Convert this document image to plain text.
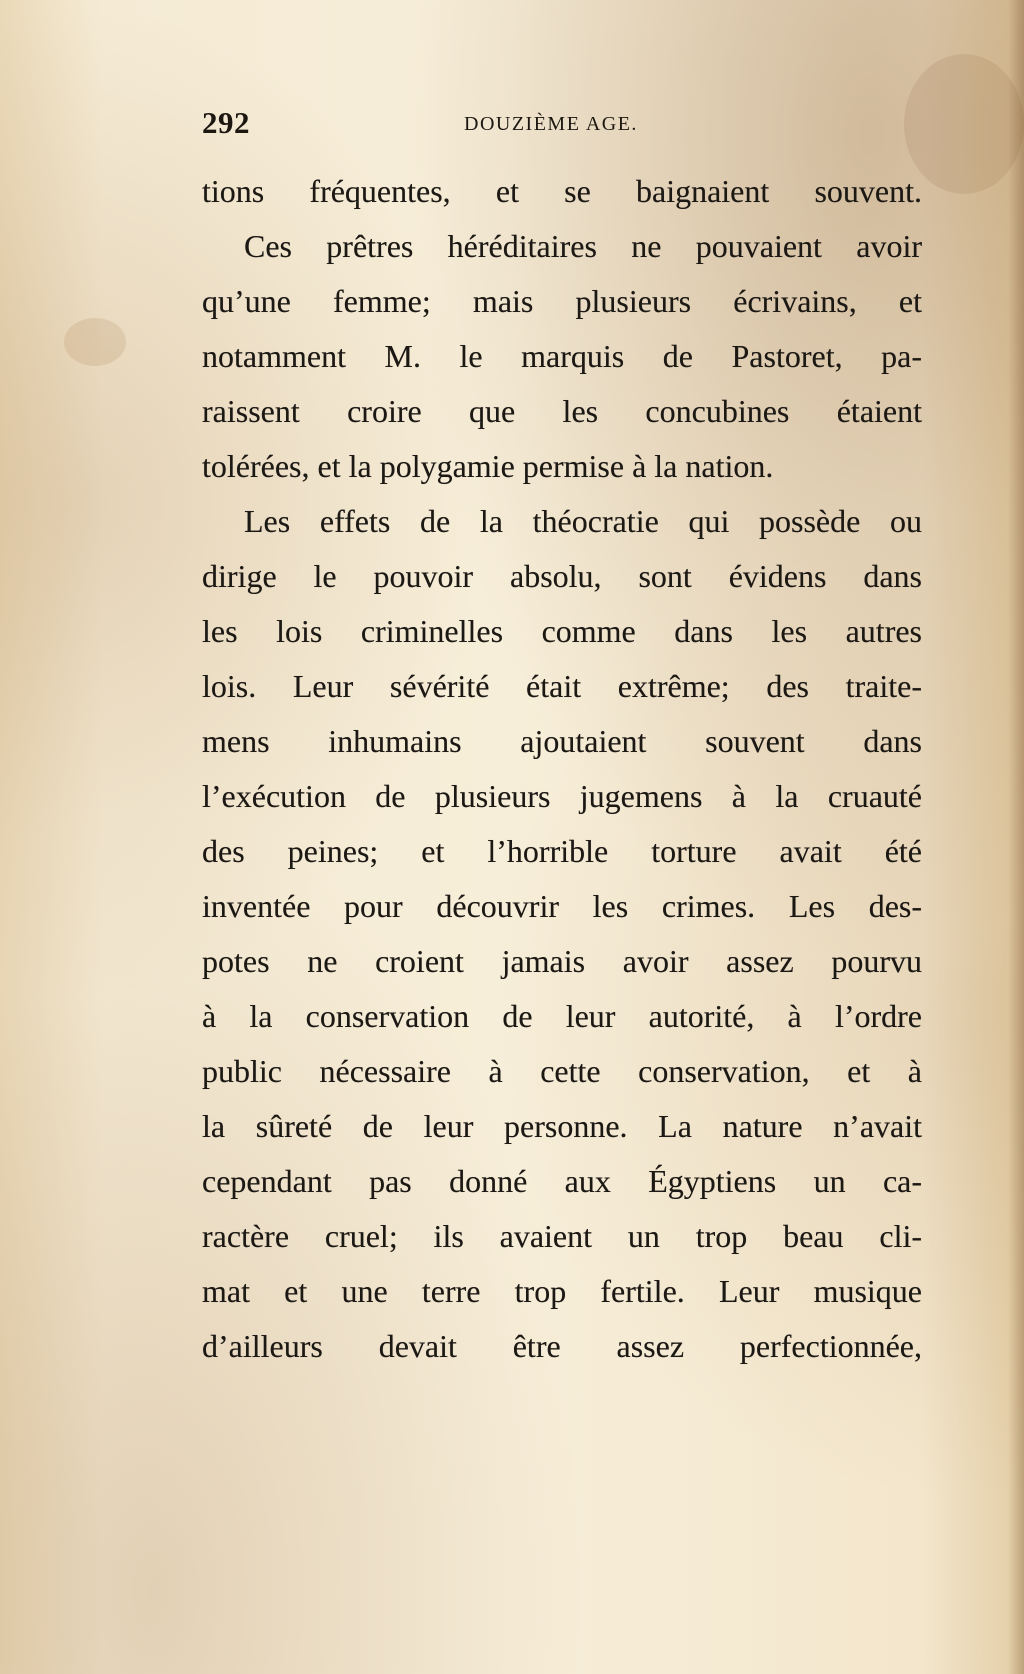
292	DOUZIÈME AGE.
tions fréquentes, et se baignaient souvent.
Ces prêtres héréditaires ne pouvaient avoir
qu’une femme; mais plusieurs écrivains, et
notamment M. le marquis de Pastoret, pa-
raissent croire que les concubines étaient
tolérées, et la polygamie permise à la nation.
Les effets de la théocratie qui possède ou
dirige le pouvoir absolu, sont évidens dans
les lois criminelles comme dans les autres
lois. Leur sévérité était extrême; des traite-
mens inhumains ajoutaient souvent dans
l’exécution de plusieurs jugemens à la cruauté
des peines; et l’horrible torture avait été
inventée pour découvrir les crimes. Les des-
potes ne croient jamais avoir assez pourvu
à la conservation de leur autorité, à l’ordre
public nécessaire à cette conservation, et à
la sûreté de leur personne. La nature n’avait
cependant pas donné aux Égyptiens un ca-
ractère cruel; ils avaient un trop beau cli-
mat et une terre trop fertile. Leur musique
d’ailleurs devait être assez perfectionnée,
